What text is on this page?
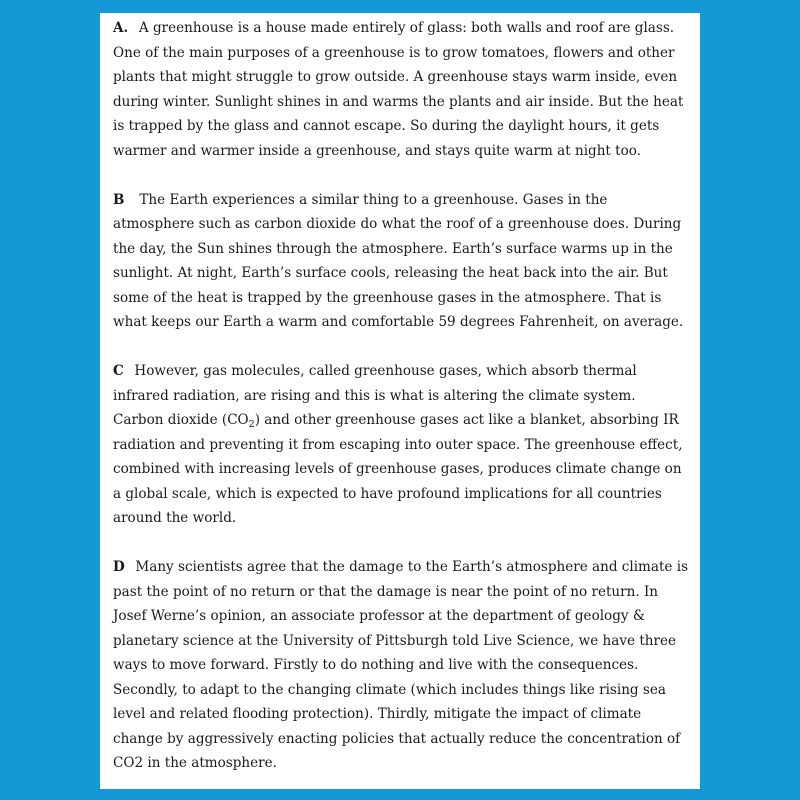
A. A greenhouse is a house made entirely of glass: both walls and roof are glass. One of the main purposes of a greenhouse is to grow tomatoes, flowers and other plants that might struggle to grow outside. A greenhouse stays warm inside, even during winter. Sunlight shines in and warms the plants and air inside. But the heat is trapped by the glass and cannot escape. So during the daylight hours, it gets warmer and warmer inside a greenhouse, and stays quite warm at night too.

B The Earth experiences a similar thing to a greenhouse. Gases in the atmosphere such as carbon dioxide do what the roof of a greenhouse does. During the day, the Sun shines through the atmosphere. Earth’s surface warms up in the sunlight. At night, Earth’s surface cools, releasing the heat back into the air. But some of the heat is trapped by the greenhouse gases in the atmosphere. That is what keeps our Earth a warm and comfortable 59 degrees Fahrenheit, on average.

C However, gas molecules, called greenhouse gases, which absorb thermal infrared radiation, are rising and this is what is altering the climate system. Carbon dioxide $(CO_2)$ and other greenhouse gases act like a blanket, absorbing IR radiation and preventing it from escaping into outer space. The greenhouse effect, combined with increasing levels of greenhouse gases, produces climate change on a global scale, which is expected to have profound implications for all countries around the world.

D Many scientists agree that the damage to the Earth’s atmosphere and climate is past the point of no return or that the damage is near the point of no return. In Josef Werne’s opinion, an associate professor at the department of geology & planetary science at the University of Pittsburgh told Live Science, we have three ways to move forward. Firstly to do nothing and live with the consequences. Secondly, to adapt to the changing climate (which includes things like rising sea level and related flooding protection). Thirdly, mitigate the impact of climate change by aggressively enacting policies that actually reduce the concentration of CO2 in the atmosphere.
